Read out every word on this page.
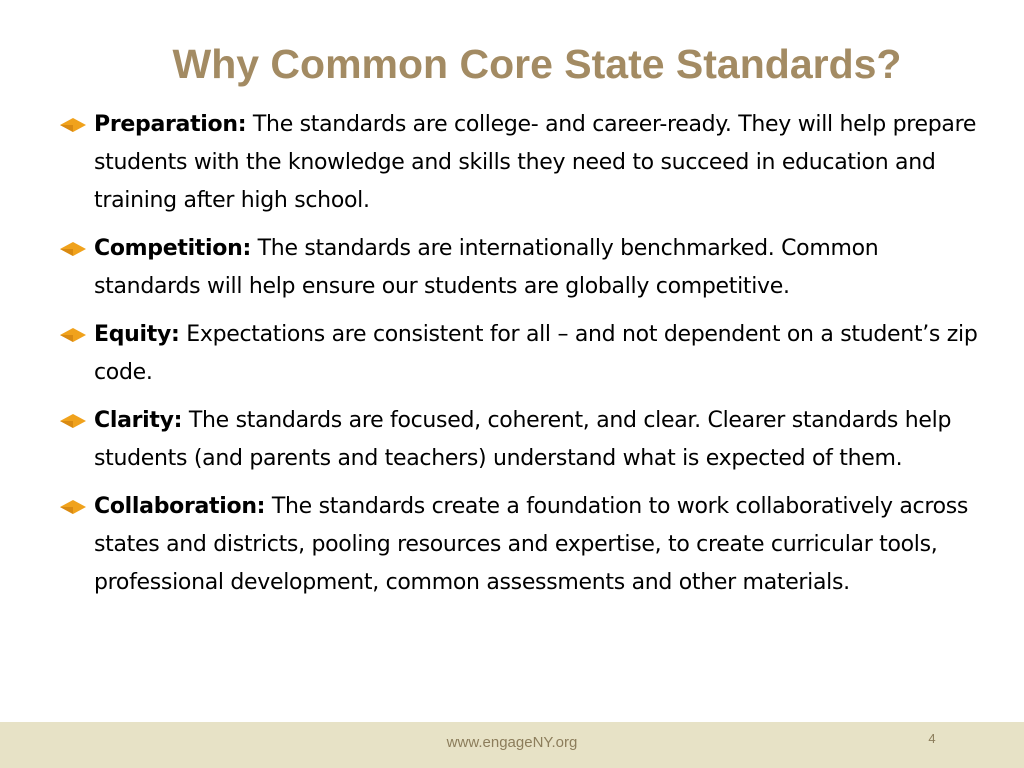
Why Common Core State Standards?
Preparation: The standards are college- and career-ready. They will help prepare students with the knowledge and skills they need to succeed in education and training after high school.
Competition: The standards are internationally benchmarked. Common standards will help ensure our students are globally competitive.
Equity: Expectations are consistent for all – and not dependent on a student’s zip code.
Clarity: The standards are focused, coherent, and clear. Clearer standards help students (and parents and teachers) understand what is expected of them.
Collaboration: The standards create a foundation to work collaboratively across states and districts, pooling resources and expertise, to create curricular tools, professional development, common assessments and other materials.
www.engageNY.org	4
